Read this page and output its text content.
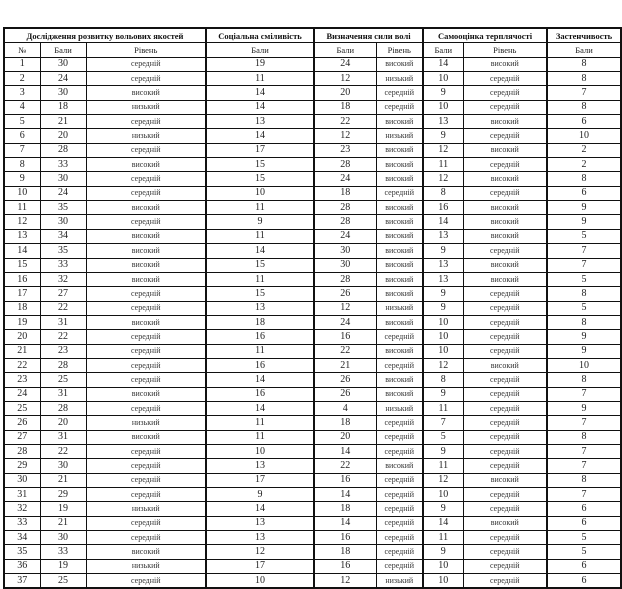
Дослідження розвитку вольових якостей			Соціальна сміливість	Визначення сили волі		Самооцінка терплячості		Застенчивость
№	Бали	Рівень	Бали	Бали	Рівень	Бали	Рівень	Бали
1	30	середній	19	24	високий	14	високий	8
2	24	середній	11	12	низький	10	середній	8
3	30	високий	14	20	середній	9	середній	7
4	18	низький	14	18	середній	10	середній	8
5	21	середній	13	22	високий	13	високий	6
6	20	низький	14	12	низький	9	середній	10
7	28	середній	17	23	високий	12	високий	2
8	33	високий	15	28	високий	11	середній	2
9	30	середній	15	24	високий	12	високий	8
10	24	середній	10	18	середній	8	середній	6
11	35	високий	11	28	високий	16	високий	9
12	30	середній	9	28	високий	14	високий	9
13	34	високий	11	24	високий	13	високий	5
14	35	високий	14	30	високий	9	середній	7
15	33	високий	15	30	високий	13	високий	7
16	32	високий	11	28	високий	13	високий	5
17	27	середній	15	26	високий	9	середній	8
18	22	середній	13	12	низький	9	середній	5
19	31	високий	18	24	високий	10	середній	8
20	22	середній	16	16	середній	10	середній	9
21	23	середній	11	22	високий	10	середній	9
22	28	середній	16	21	середній	12	високий	10
23	25	середній	14	26	високий	8	середній	8
24	31	високий	16	26	високий	9	середній	7
25	28	середній	14	4	низький	11	середній	9
26	20	низький	11	18	середній	7	середній	7
27	31	високий	11	20	середній	5	середній	8
28	22	середній	10	14	середній	9	середній	7
29	30	середній	13	22	високий	11	середній	7
30	21	середній	17	16	середній	12	високий	8
31	29	середній	9	14	середній	10	середній	7
32	19	низький	14	18	середній	9	середній	6
33	21	середній	13	14	середній	14	високий	6
34	30	середній	13	16	середній	11	середній	5
35	33	високий	12	18	середній	9	середній	5
36	19	низький	17	16	середній	10	середній	6
37	25	середній	10	12	низький	10	середній	6
